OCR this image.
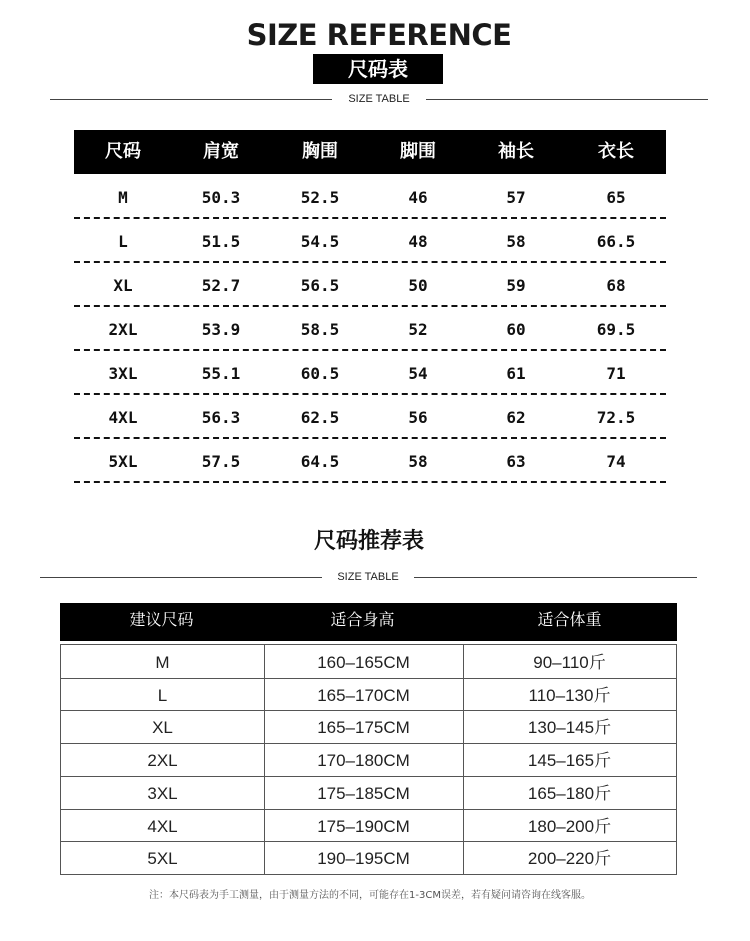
SIZE REFERENCE
尺码表
SIZE TABLE
尺码	肩宽	胸围	脚围	袖长	衣长
M	50.3	52.5	46	57	65
L	51.5	54.5	48	58	66.5
XL	52.7	56.5	50	59	68
2XL	53.9	58.5	52	60	69.5
3XL	55.1	60.5	54	61	71
4XL	56.3	62.5	56	62	72.5
5XL	57.5	64.5	58	63	74
尺码推荐表
SIZE TABLE
建议尺码	适合身高	适合体重
M	160–165CM	90–110斤
L	165–170CM	110–130斤
XL	165–175CM	130–145斤
2XL	170–180CM	145–165斤
3XL	175–185CM	165–180斤
4XL	175–190CM	180–200斤
5XL	190–195CM	200–220斤
注：本尺码表为手工测量，由于测量方法的不同，可能存在1-3CM误差，若有疑问请咨询在线客服。
